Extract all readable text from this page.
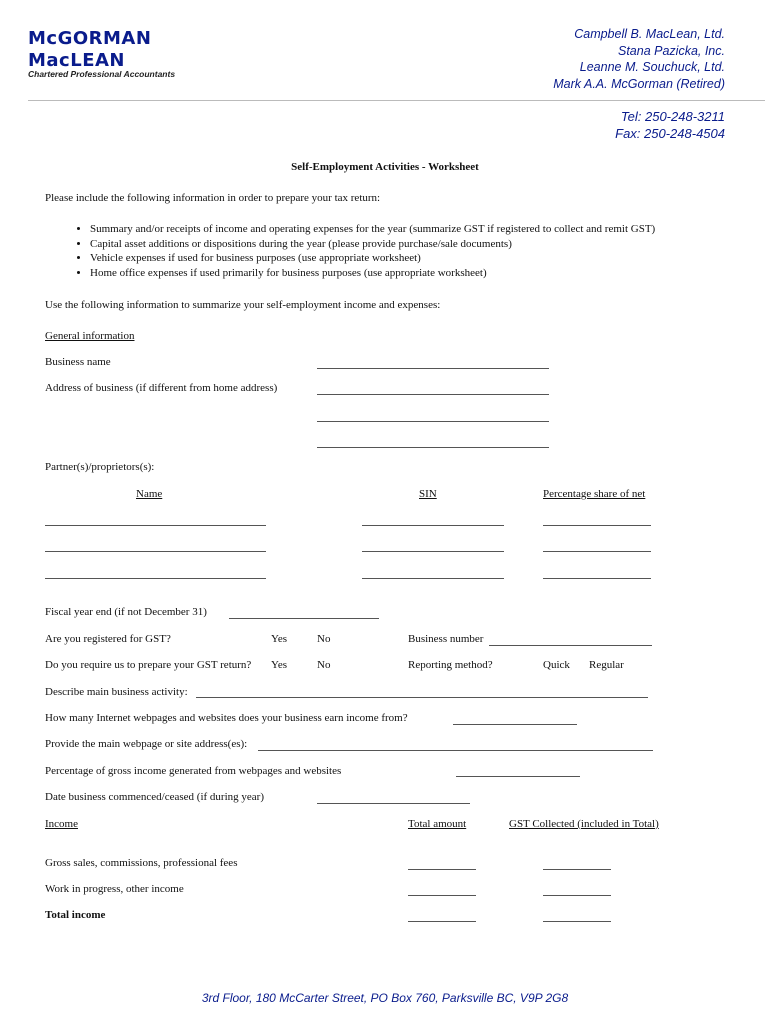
McGORMAN
MacLEAN
Chartered Professional Accountants
Campbell B. MacLean, Ltd.
Stana Pazicka, Inc.
Leanne M. Souchuck, Ltd.
Mark A.A. McGorman (Retired)
Tel: 250-248-3211
Fax: 250-248-4504
Self-Employment Activities - Worksheet
Please include the following information in order to prepare your tax return:
• Summary and/or receipts of income and operating expenses for the year (summarize GST if registered to collect and remit GST)
• Capital asset additions or dispositions during the year (please provide purchase/sale documents)
• Vehicle expenses if used for business purposes (use appropriate worksheet)
• Home office expenses if used primarily for business purposes (use appropriate worksheet)
Use the following information to summarize your self-employment income and expenses:
General information
Business name
Address of business (if different from home address)
Partner(s)/proprietors(s):
Name	SIN	Percentage share of net
Fiscal year end (if not December 31)
Are you registered for GST?	Yes	No	Business number
Do you require us to prepare your GST return? Yes	No	Reporting method?	Quick Regular
Describe main business activity:
How many Internet webpages and websites does your business earn income from?
Provide the main webpage or site address(es):
Percentage of gross income generated from webpages and websites
Date business commenced/ceased (if during year)
Income	Total amount	GST Collected (included in Total)
Gross sales, commissions, professional fees
Work in progress, other income
Total income
3rd Floor, 180 McCarter Street, PO Box 760, Parksville BC, V9P 2G8
